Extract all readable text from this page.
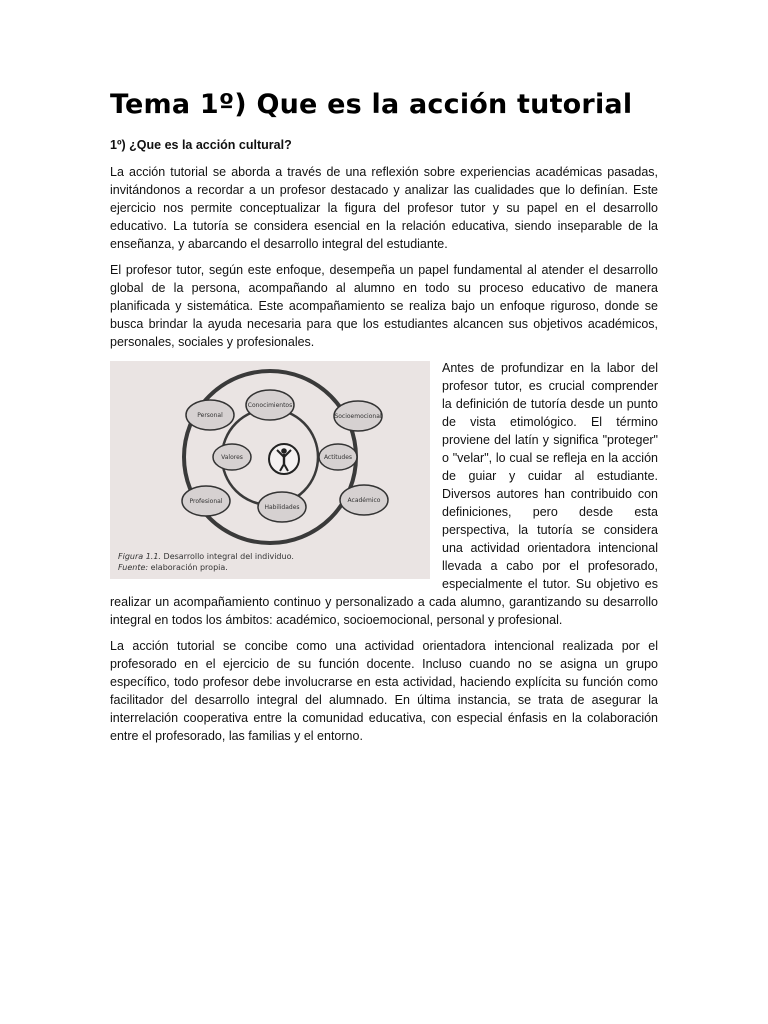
Tema 1º) Que es la acción tutorial

1º) ¿Que es la acción cultural?

La acción tutorial se aborda a través de una reflexión sobre experiencias académicas pasadas, invitándonos a recordar a un profesor destacado y analizar las cualidades que lo definían. Este ejercicio nos permite conceptualizar la figura del profesor tutor y su papel en el desarrollo educativo. La tutoría se considera esencial en la relación educativa, siendo inseparable de la enseñanza, y abarcando el desarrollo integral del estudiante.

El profesor tutor, según este enfoque, desempeña un papel fundamental al atender el desarrollo global de la persona, acompañando al alumno en todo su proceso educativo de manera planificada y sistemática. Este acompañamiento se realiza bajo un enfoque riguroso, donde se busca brindar la ayuda necesaria para que los estudiantes alcancen sus objetivos académicos, personales, sociales y profesionales.

Conocimientos
Socioemocional
Académico
Habilidades
Profesional
Personal
Valores	Actitudes
Figura 1.1. Desarrollo integral del individuo.
Fuente: elaboración propia.
Antes de profundizar en la labor del profesor tutor, es crucial comprender la definición de tutoría desde un punto de vista etimológico. El término proviene del latín y significa "proteger" o "velar", lo cual se refleja en la acción de guiar y cuidar al estudiante. Diversos autores han contribuido con definiciones, pero desde esta perspectiva, la tutoría se considera una actividad orientadora intencional llevada a cabo por el profesorado, especialmente el tutor. Su objetivo es realizar un acompañamiento continuo y personalizado a cada alumno, garantizando su desarrollo integral en todos los ámbitos: académico, socioemocional, personal y profesional.

La acción tutorial se concibe como una actividad orientadora intencional realizada por el profesorado en el ejercicio de su función docente. Incluso cuando no se asigna un grupo específico, todo profesor debe involucrarse en esta actividad, haciendo explícita su función como facilitador del desarrollo integral del alumnado. En última instancia, se trata de asegurar la interrelación cooperativa entre la comunidad educativa, con especial énfasis en la colaboración entre el profesorado, las familias y el entorno.
